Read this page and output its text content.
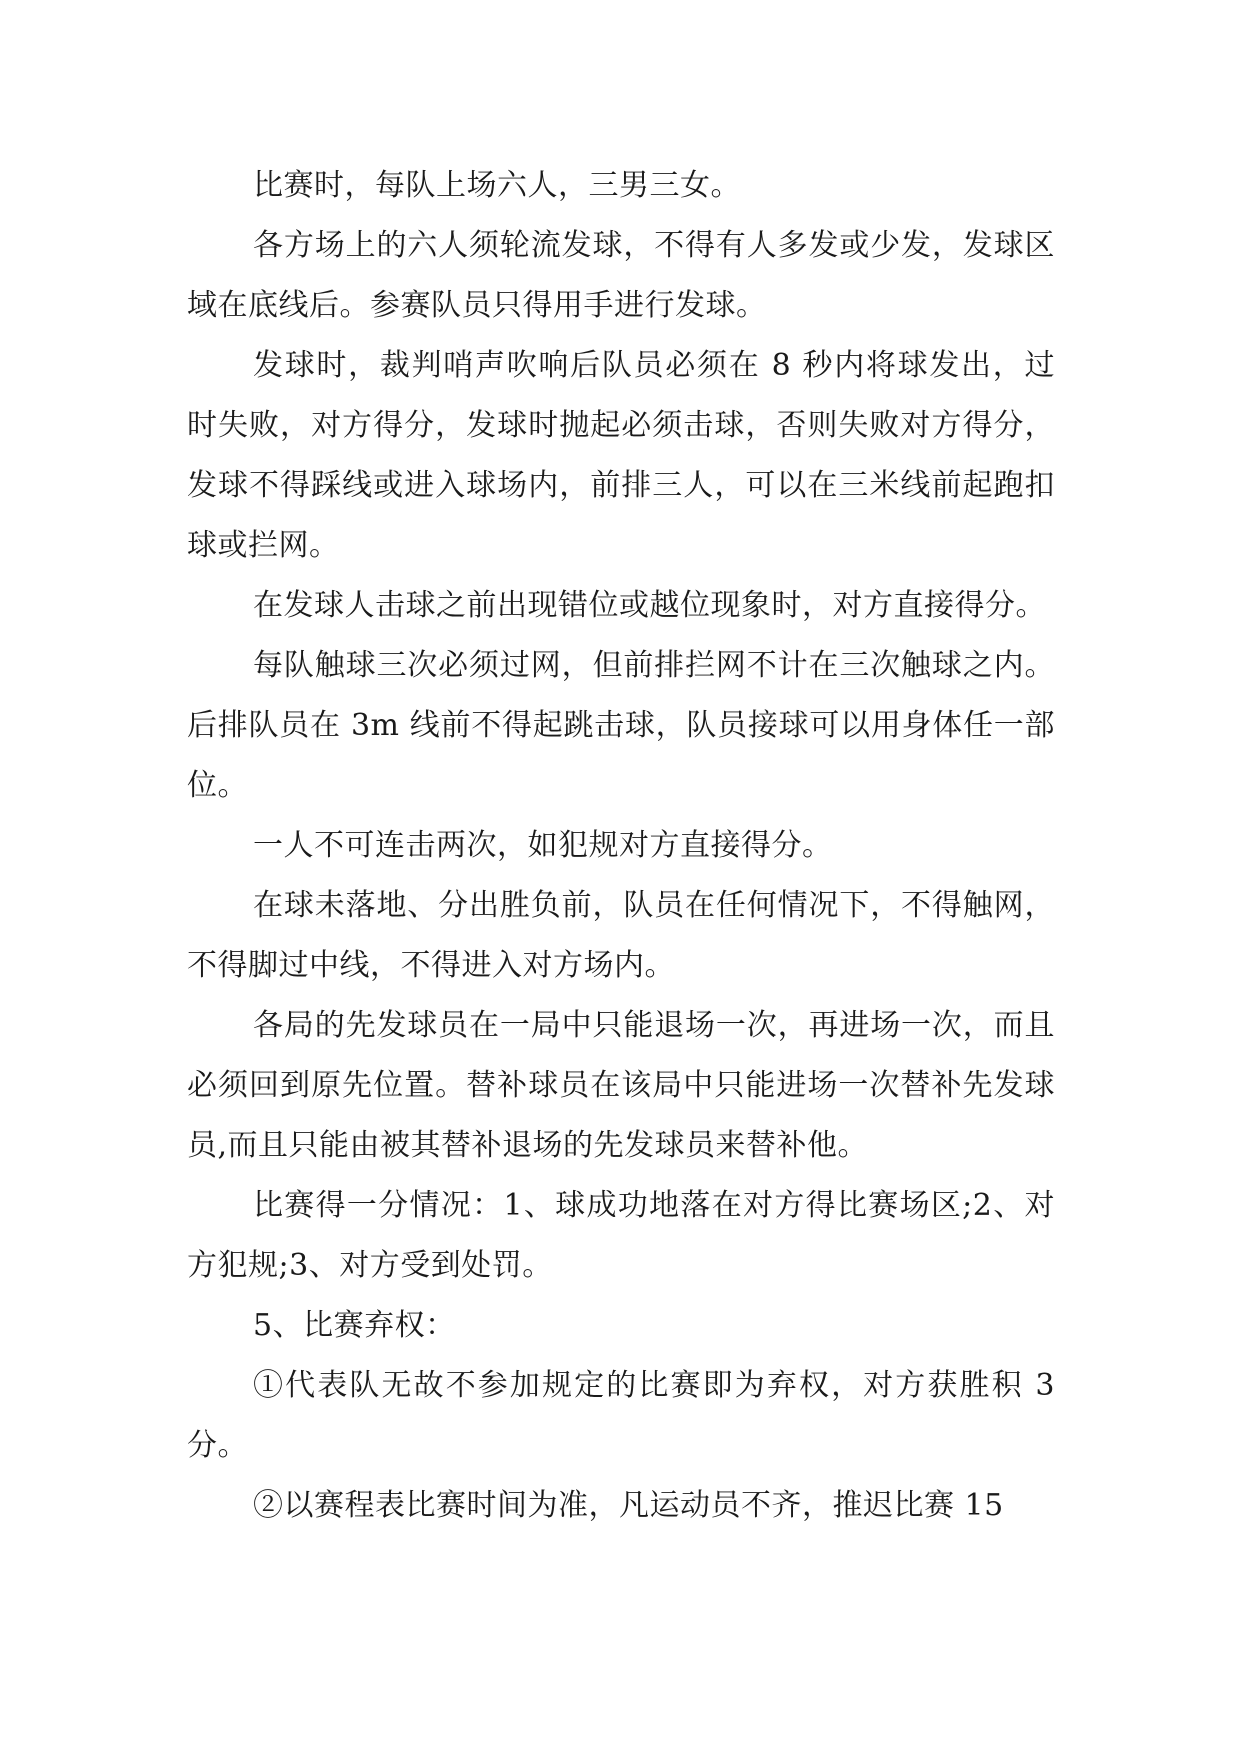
比赛时，每队上场六人，三男三女。

各方场上的六人须轮流发球，不得有人多发或少发，发球区域在底线后。参赛队员只得用手进行发球。

发球时，裁判哨声吹响后队员必须在 8 秒内将球发出，过时失败，对方得分，发球时抛起必须击球，否则失败对方得分，发球不得踩线或进入球场内，前排三人，可以在三米线前起跑扣球或拦网。

在发球人击球之前出现错位或越位现象时，对方直接得分。

每队触球三次必须过网，但前排拦网不计在三次触球之内。后排队员在 3m 线前不得起跳击球，队员接球可以用身体任一部位。

一人不可连击两次，如犯规对方直接得分。

在球未落地、分出胜负前，队员在任何情况下，不得触网，不得脚过中线，不得进入对方场内。

各局的先发球员在一局中只能退场一次，再进场一次，而且必须回到原先位置。替补球员在该局中只能进场一次替补先发球员,而且只能由被其替补退场的先发球员来替补他。

比赛得一分情况：1、球成功地落在对方得比赛场区;2、对方犯规;3、对方受到处罚。

5、比赛弃权：

①代表队无故不参加规定的比赛即为弃权，对方获胜积 3 分。

②以赛程表比赛时间为准，凡运动员不齐，推迟比赛 15
